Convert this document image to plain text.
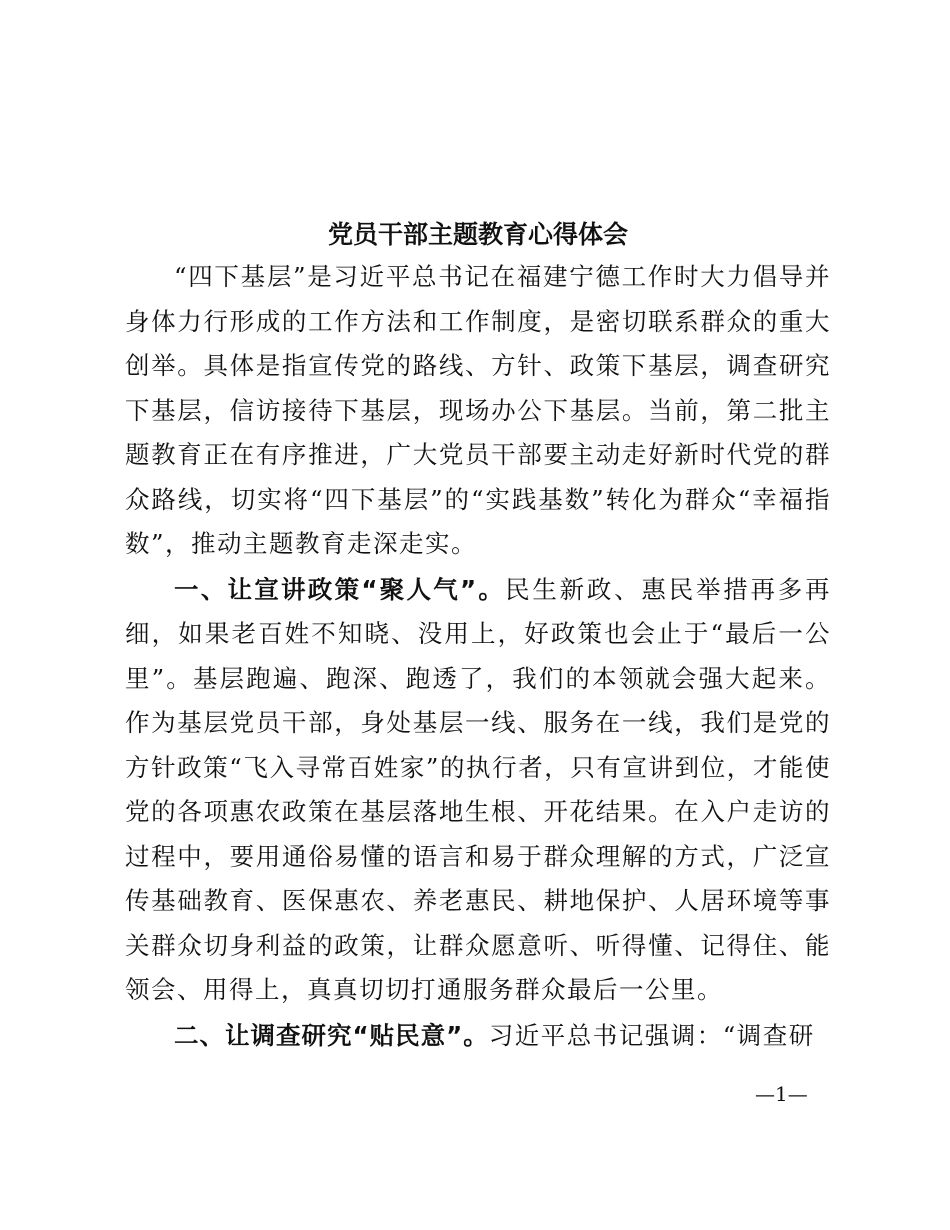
党员干部主题教育心得体会

“四下基层”是习近平总书记在福建宁德工作时大力倡导并身体力行形成的工作方法和工作制度，是密切联系群众的重大创举。具体是指宣传党的路线、方针、政策下基层，调查研究下基层，信访接待下基层，现场办公下基层。当前，第二批主题教育正在有序推进，广大党员干部要主动走好新时代党的群众路线，切实将“四下基层”的“实践基数”转化为群众“幸福指数”，推动主题教育走深走实。

一、让宣讲政策“聚人气”。民生新政、惠民举措再多再细，如果老百姓不知晓、没用上，好政策也会止于“最后一公里”。基层跑遍、跑深、跑透了，我们的本领就会强大起来。作为基层党员干部，身处基层一线、服务在一线，我们是党的方针政策“飞入寻常百姓家”的执行者，只有宣讲到位，才能使党的各项惠农政策在基层落地生根、开花结果。在入户走访的过程中，要用通俗易懂的语言和易于群众理解的方式，广泛宣传基础教育、医保惠农、养老惠民、耕地保护、人居环境等事关群众切身利益的政策，让群众愿意听、听得懂、记得住、能领会、用得上，真真切切打通服务群众最后一公里。

二、让调查研究“贴民意”。习近平总书记强调：“调查研

—1—
